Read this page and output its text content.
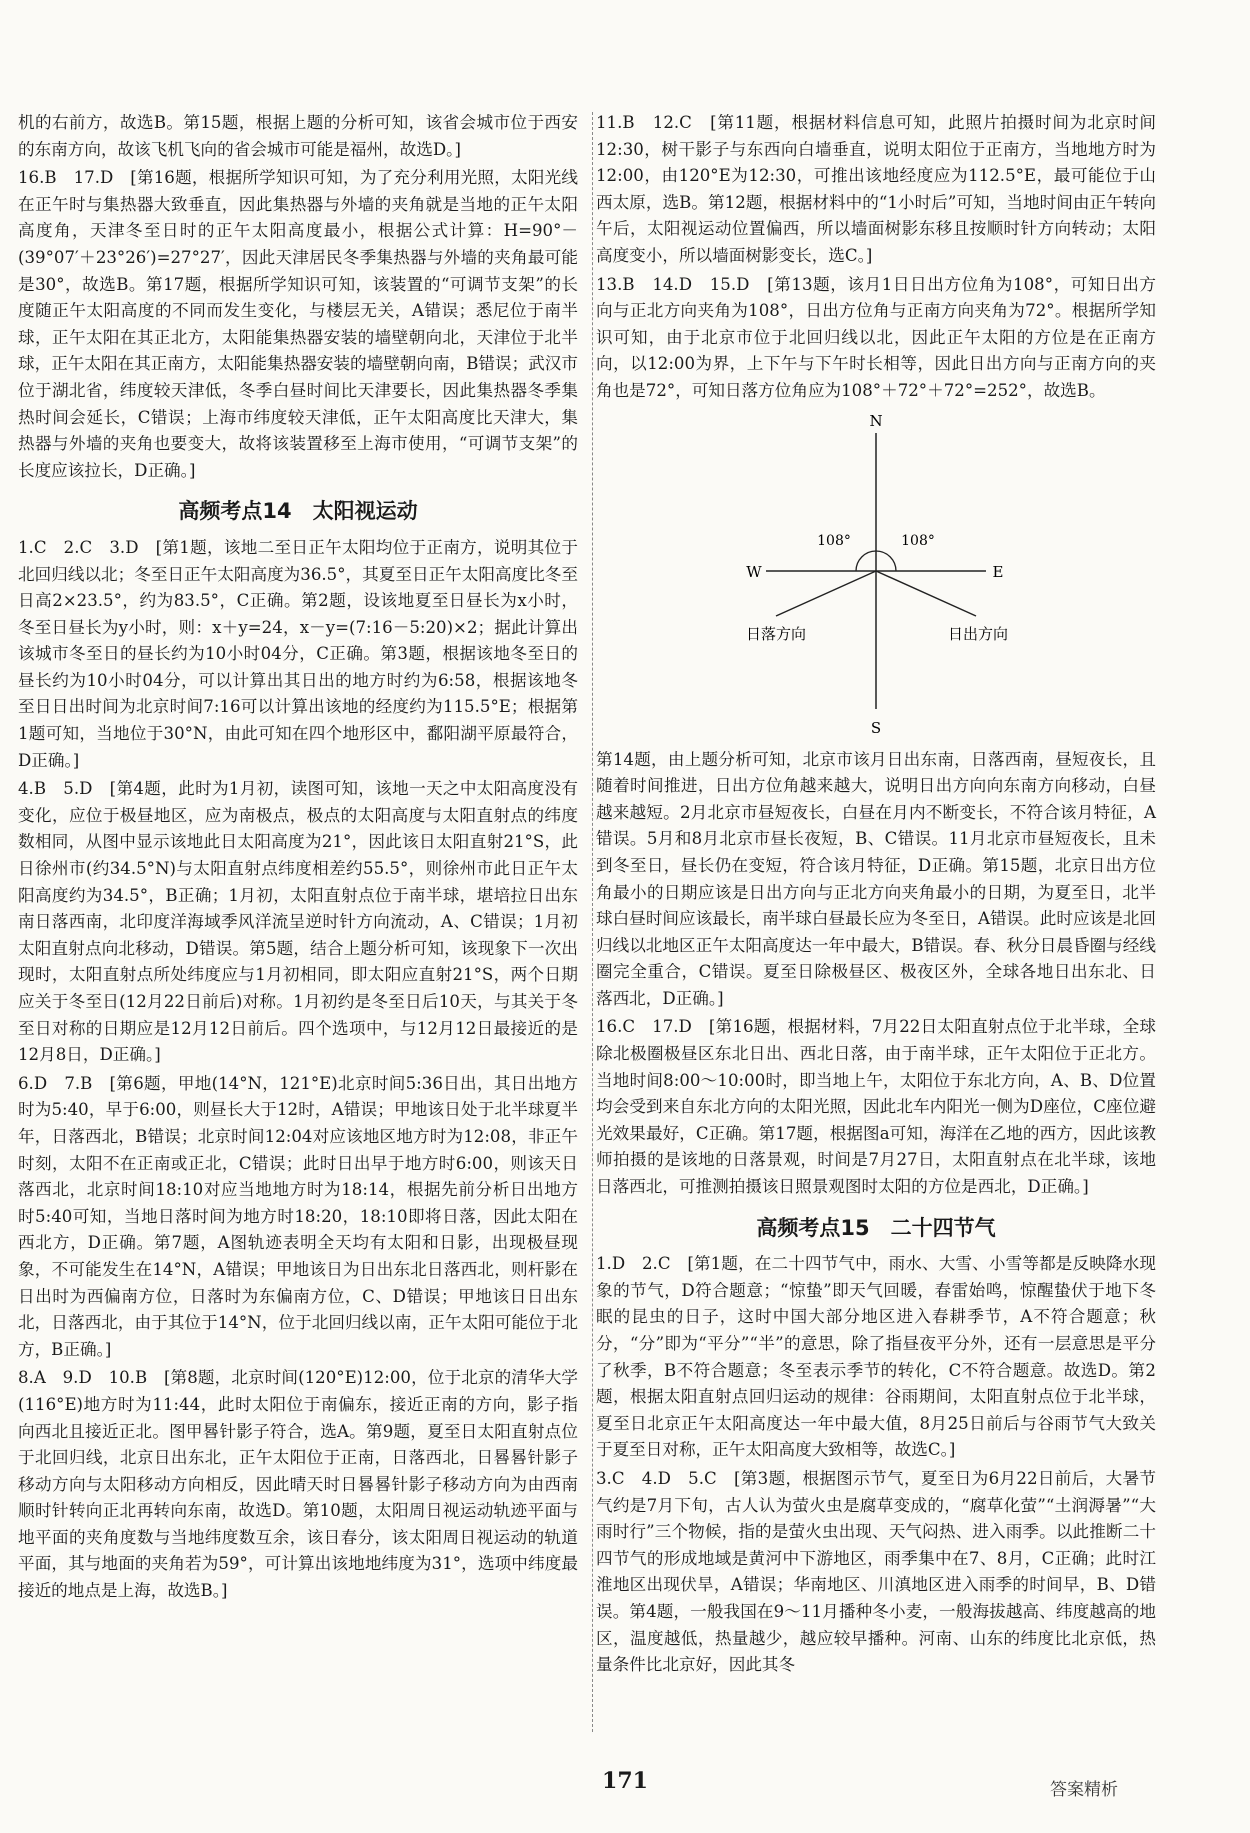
机的右前方，故选B。第15题，根据上题的分析可知，该省会城市位于西安的东南方向，故该飞机飞向的省会城市可能是福州，故选D。]

16.B　17.D　[第16题，根据所学知识可知，为了充分利用光照，太阳光线在正午时与集热器大致垂直，因此集热器与外墙的夹角就是当地的正午太阳高度角，天津冬至日时的正午太阳高度最小，根据公式计算：H=90°－(39°07′＋23°26′)=27°27′，因此天津居民冬季集热器与外墙的夹角最可能是30°，故选B。第17题，根据所学知识可知，该装置的“可调节支架”的长度随正午太阳高度的不同而发生变化，与楼层无关，A错误；悉尼位于南半球，正午太阳在其正北方，太阳能集热器安装的墙壁朝向北，天津位于北半球，正午太阳在其正南方，太阳能集热器安装的墙壁朝向南，B错误；武汉市位于湖北省，纬度较天津低，冬季白昼时间比天津要长，因此集热器冬季集热时间会延长，C错误；上海市纬度较天津低，正午太阳高度比天津大，集热器与外墙的夹角也要变大，故将该装置移至上海市使用，“可调节支架”的长度应该拉长，D正确。]

高频考点14　太阳视运动

1.C　2.C　3.D　[第1题，该地二至日正午太阳均位于正南方，说明其位于北回归线以北；冬至日正午太阳高度为36.5°，其夏至日正午太阳高度比冬至日高2×23.5°，约为83.5°，C正确。第2题，设该地夏至日昼长为x小时，冬至日昼长为y小时，则：x＋y=24，x－y=(7:16－5:20)×2；据此计算出该城市冬至日的昼长约为10小时04分，C正确。第3题，根据该地冬至日的昼长约为10小时04分，可以计算出其日出的地方时约为6:58，根据该地冬至日日出时间为北京时间7:16可以计算出该地的经度约为115.5°E；根据第1题可知，当地位于30°N，由此可知在四个地形区中，鄱阳湖平原最符合，D正确。]

4.B　5.D　[第4题，此时为1月初，读图可知，该地一天之中太阳高度没有变化，应位于极昼地区，应为南极点，极点的太阳高度与太阳直射点的纬度数相同，从图中显示该地此日太阳高度为21°，因此该日太阳直射21°S，此日徐州市(约34.5°N)与太阳直射点纬度相差约55.5°，则徐州市此日正午太阳高度约为34.5°，B正确；1月初，太阳直射点位于南半球，堪培拉日出东南日落西南，北印度洋海域季风洋流呈逆时针方向流动，A、C错误；1月初太阳直射点向北移动，D错误。第5题，结合上题分析可知，该现象下一次出现时，太阳直射点所处纬度应与1月初相同，即太阳应直射21°S，两个日期应关于冬至日(12月22日前后)对称。1月初约是冬至日后10天，与其关于冬至日对称的日期应是12月12日前后。四个选项中，与12月12日最接近的是12月8日，D正确。]

6.D　7.B　[第6题，甲地(14°N，121°E)北京时间5:36日出，其日出地方时为5:40，早于6:00，则昼长大于12时，A错误；甲地该日处于北半球夏半年，日落西北，B错误；北京时间12:04对应该地区地方时为12:08，非正午时刻，太阳不在正南或正北，C错误；此时日出早于地方时6:00，则该天日落西北，北京时间18:10对应当地地方时为18:14，根据先前分析日出地方时5:40可知，当地日落时间为地方时18:20，18:10即将日落，因此太阳在西北方，D正确。第7题，A图轨迹表明全天均有太阳和日影，出现极昼现象，不可能发生在14°N，A错误；甲地该日为日出东北日落西北，则杆影在日出时为西偏南方位，日落时为东偏南方位，C、D错误；甲地该日日出东北，日落西北，由于其位于14°N，位于北回归线以南，正午太阳可能位于北方，B正确。]

8.A　9.D　10.B　[第8题，北京时间(120°E)12:00，位于北京的清华大学(116°E)地方时为11:44，此时太阳位于南偏东，接近正南的方向，影子指向西北且接近正北。图甲晷针影子符合，选A。第9题，夏至日太阳直射点位于北回归线，北京日出东北，正午太阳位于正南，日落西北，日晷晷针影子移动方向与太阳移动方向相反，因此晴天时日晷晷针影子移动方向为由西南顺时针转向正北再转向东南，故选D。第10题，太阳周日视运动轨迹平面与地平面的夹角度数与当地纬度数互余，该日春分，该太阳周日视运动的轨道平面，其与地面的夹角若为59°，可计算出该地地纬度为31°，选项中纬度最接近的地点是上海，故选B。]

11.B　12.C　[第11题，根据材料信息可知，此照片拍摄时间为北京时间12:30，树干影子与东西向白墙垂直，说明太阳位于正南方，当地地方时为12:00，由120°E为12:30，可推出该地经度应为112.5°E，最可能位于山西太原，选B。第12题，根据材料中的“1小时后”可知，当地时间由正午转向午后，太阳视运动位置偏西，所以墙面树影东移且按顺时针方向转动；太阳高度变小，所以墙面树影变长，选C。]

13.B　14.D　15.D　[第13题，该月1日日出方位角为108°，可知日出方向与正北方向夹角为108°，日出方位角与正南方向夹角为72°。根据所学知识可知，由于北京市位于北回归线以北，因此正午太阳的方位是在正南方向，以12:00为界，上下午与下午时长相等，因此日出方向与正南方向的夹角也是72°，可知日落方位角应为108°＋72°＋72°=252°，故选B。

N
S
W	E
108°	108°
日落方向	日出方向

第14题，由上题分析可知，北京市该月日出东南，日落西南，昼短夜长，且随着时间推进，日出方位角越来越大，说明日出方向向东南方向移动，白昼越来越短。2月北京市昼短夜长，白昼在月内不断变长，不符合该月特征，A错误。5月和8月北京市昼长夜短，B、C错误。11月北京市昼短夜长，且未到冬至日，昼长仍在变短，符合该月特征，D正确。第15题，北京日出方位角最小的日期应该是日出方向与正北方向夹角最小的日期，为夏至日，北半球白昼时间应该最长，南半球白昼最长应为冬至日，A错误。此时应该是北回归线以北地区正午太阳高度达一年中最大，B错误。春、秋分日晨昏圈与经线圈完全重合，C错误。夏至日除极昼区、极夜区外，全球各地日出东北、日落西北，D正确。]

16.C　17.D　[第16题，根据材料，7月22日太阳直射点位于北半球，全球除北极圈极昼区东北日出、西北日落，由于南半球，正午太阳位于正北方。当地时间8:00～10:00时，即当地上午，太阳位于东北方向，A、B、D位置均会受到来自东北方向的太阳光照，因此北车内阳光一侧为D座位，C座位避光效果最好，C正确。第17题，根据图a可知，海洋在乙地的西方，因此该教师拍摄的是该地的日落景观，时间是7月27日，太阳直射点在北半球，该地日落西北，可推测拍摄该日照景观图时太阳的方位是西北，D正确。]

高频考点15　二十四节气

1.D　2.C　[第1题，在二十四节气中，雨水、大雪、小雪等都是反映降水现象的节气，D符合题意；“惊蛰”即天气回暖，春雷始鸣，惊醒蛰伏于地下冬眠的昆虫的日子，这时中国大部分地区进入春耕季节，A不符合题意；秋分，“分”即为“平分”“半”的意思，除了指昼夜平分外，还有一层意思是平分了秋季，B不符合题意；冬至表示季节的转化，C不符合题意。故选D。第2题，根据太阳直射点回归运动的规律：谷雨期间，太阳直射点位于北半球，夏至日北京正午太阳高度达一年中最大值，8月25日前后与谷雨节气大致关于夏至日对称，正午太阳高度大致相等，故选C。]

3.C　4.D　5.C　[第3题，根据图示节气，夏至日为6月22日前后，大暑节气约是7月下旬，古人认为萤火虫是腐草变成的，“腐草化萤”“土润溽暑”“大雨时行”三个物候，指的是萤火虫出现、天气闷热、进入雨季。以此推断二十四节气的形成地域是黄河中下游地区，雨季集中在7、8月，C正确；此时江淮地区出现伏旱，A错误；华南地区、川滇地区进入雨季的时间早，B、D错误。第4题，一般我国在9～11月播种冬小麦，一般海拔越高、纬度越高的地区，温度越低，热量越少，越应较早播种。河南、山东的纬度比北京低，热量条件比北京好，因此其冬

171	答案精析
